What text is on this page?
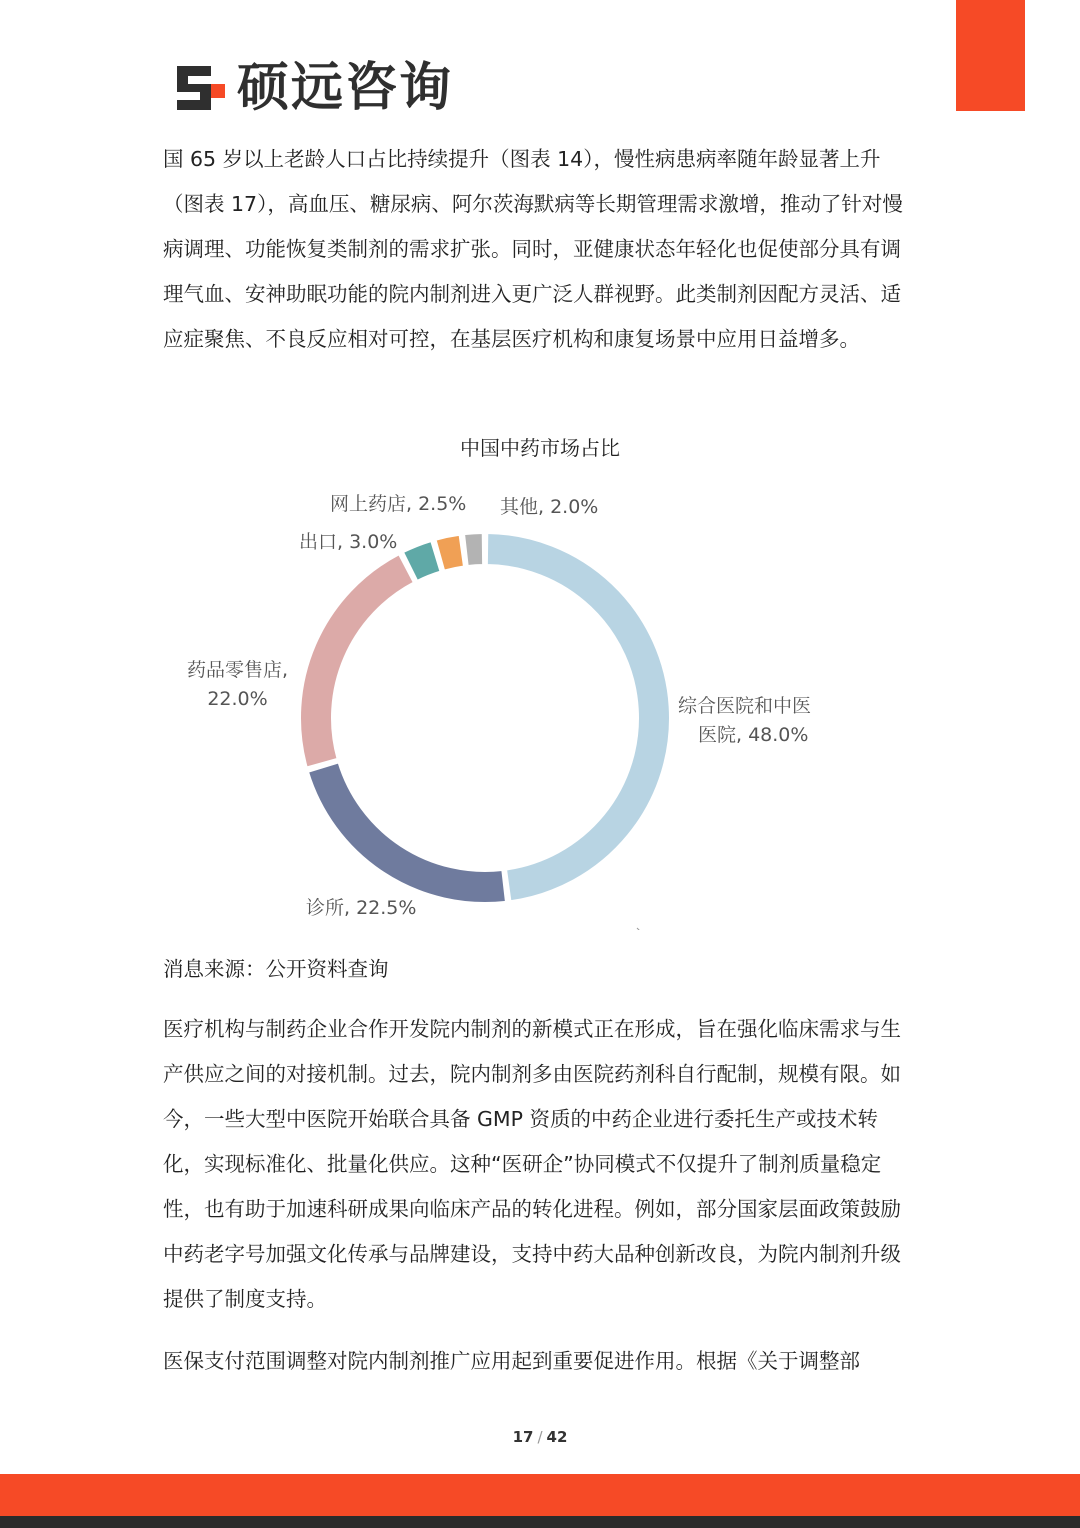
硕远咨询

国 65 岁以上老龄人口占比持续提升（图表 14），慢性病患病率随年龄显著上升（图表 17），高血压、糖尿病、阿尔茨海默病等长期管理需求激增，推动了针对慢病调理、功能恢复类制剂的需求扩张。同时，亚健康状态年轻化也促使部分具有调理气血、安神助眠功能的院内制剂进入更广泛人群视野。此类制剂因配方灵活、适应症聚焦、不良反应相对可控，在基层医疗机构和康复场景中应用日益增多。

中国中药市场占比
综合医院和中医
医院, 48.0%
诊所, 22.5%
药品零售店,
22.0%
出口, 3.0%
网上药店, 2.5% 其他, 2.0%

消息来源：公开资料查询

医疗机构与制药企业合作开发院内制剂的新模式正在形成，旨在强化临床需求与生产供应之间的对接机制。过去，院内制剂多由医院药剂科自行配制，规模有限。如今，一些大型中医院开始联合具备 GMP 资质的中药企业进行委托生产或技术转化，实现标准化、批量化供应。这种“医研企”协同模式不仅提升了制剂质量稳定性，也有助于加速科研成果向临床产品的转化进程。例如，部分国家层面政策鼓励中药老字号加强文化传承与品牌建设，支持中药大品种创新改良，为院内制剂升级提供了制度支持。

医保支付范围调整对院内制剂推广应用起到重要促进作用。根据《关于调整部

17 / 42
